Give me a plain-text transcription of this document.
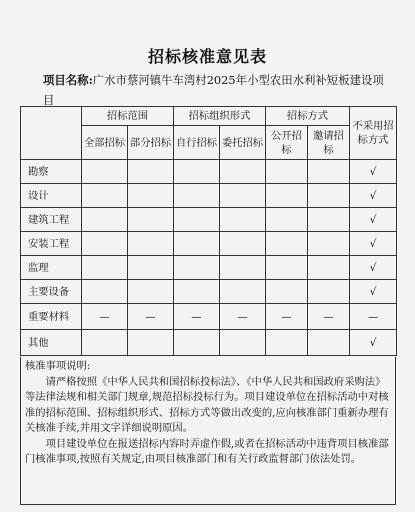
招标核准意见表
项目名称:广水市蔡河镇牛车湾村2025年小型农田水利补短板建设项目
	招标范围		招标组织形式		招标方式		不采用招标方式
	全部招标	部分招标	自行招标	委托招标	公开招标	邀请招标	
勘察							√
设计							√
建筑工程							√
安装工程							√
监理							√
主要设备							√
重要材料	—	—	—	—	—	—	—
其他							√

核准事项说明:

请严格按照《中华人民共和国招标投标法》、《中华人民共和国政府采购法》等法律法规和相关部门规章,规范招标投标行为。项目建设单位在招标活动中对核准的招标范围、招标组织形式、招标方式等做出改变的,应向核准部门重新办理有关核准手续,并用文字详细说明原因。

项目建设单位在报送招标内容时弄虚作假,或者在招标活动中违背项目核准部门核准事项,按照有关规定,由项目核准部门和有关行政监督部门依法处罚。
